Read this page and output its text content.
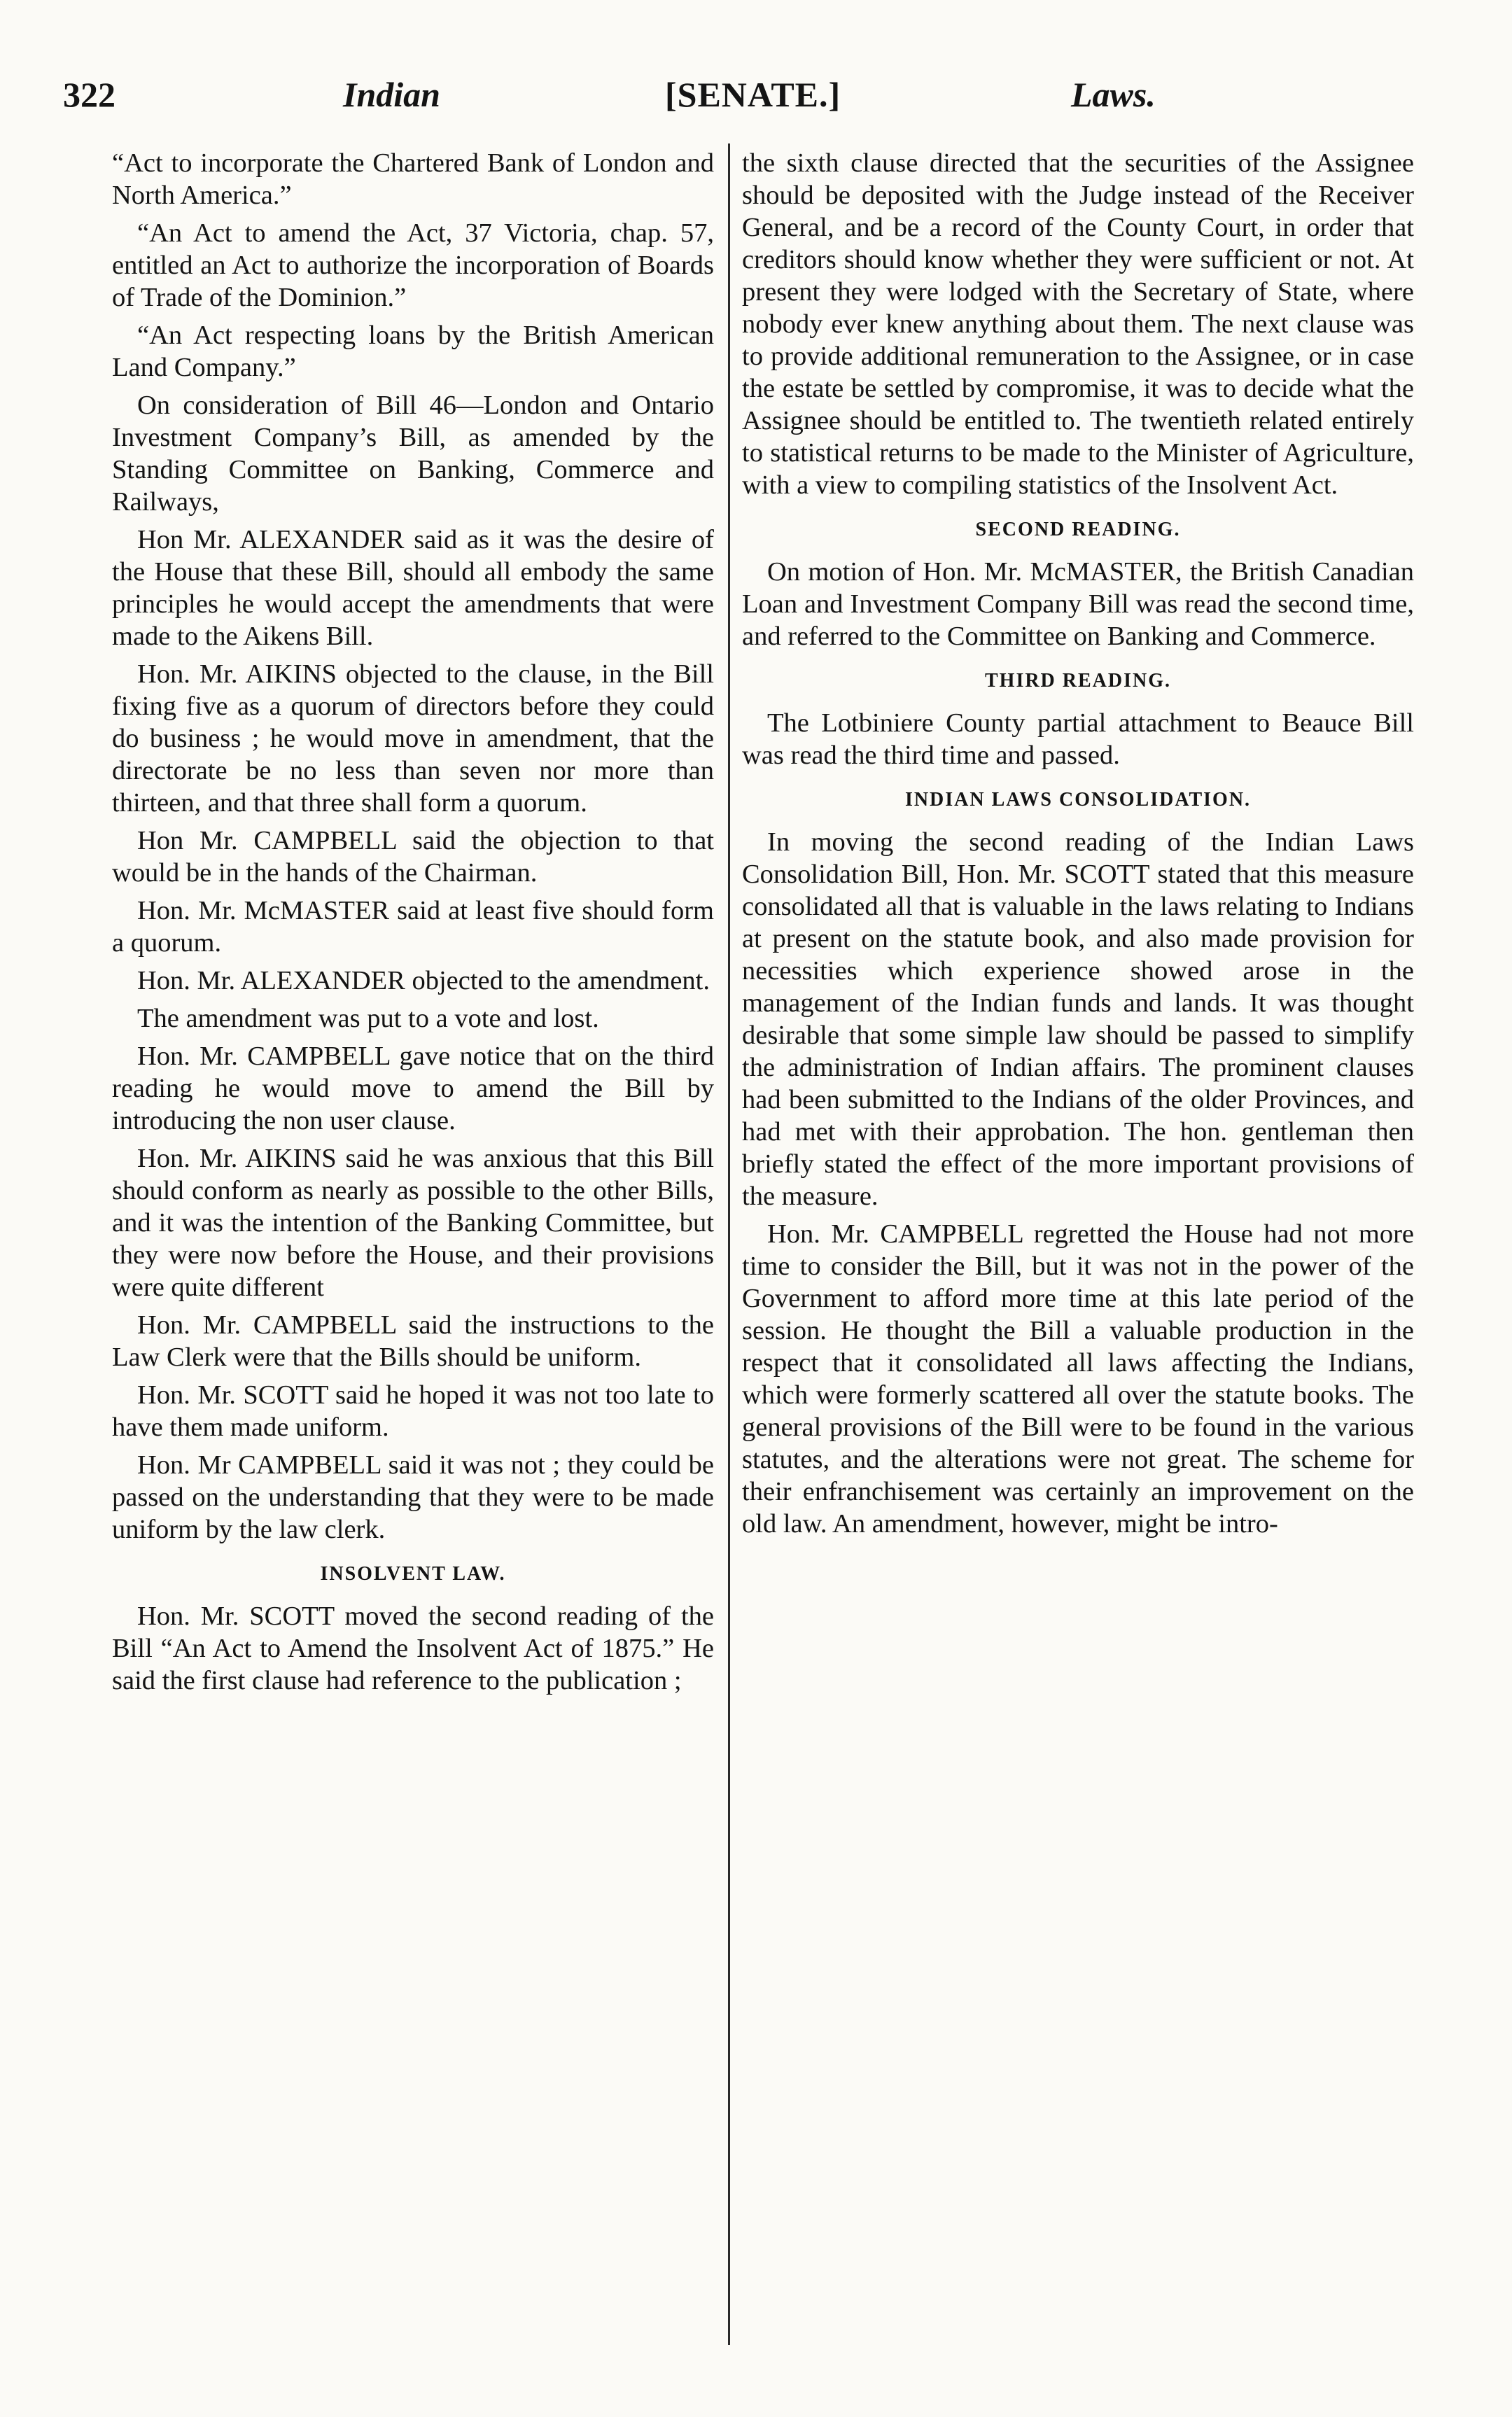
322	Indian	[SENATE.]	Laws.

“Act to incorporate the Chartered Bank of London and North America.”

“An Act to amend the Act, 37 Victoria, chap. 57, entitled an Act to authorize the incorporation of Boards of Trade of the Dominion.”

“An Act respecting loans by the British American Land Company.”

On consideration of Bill 46—London and Ontario Investment Company’s Bill, as amended by the Standing Committee on Banking, Commerce and Railways,

Hon Mr. ALEXANDER said as it was the desire of the House that these Bill, should all embody the same principles he would accept the amendments that were made to the Aikens Bill.

Hon. Mr. AIKINS objected to the clause, in the Bill fixing five as a quorum of directors before they could do business ; he would move in amendment, that the directorate be no less than seven nor more than thirteen, and that three shall form a quorum.

Hon Mr. CAMPBELL said the objection to that would be in the hands of the Chairman.

Hon. Mr. McMASTER said at least five should form a quorum.

Hon. Mr. ALEXANDER objected to the amendment.

The amendment was put to a vote and lost.

Hon. Mr. CAMPBELL gave notice that on the third reading he would move to amend the Bill by introducing the non user clause.

Hon. Mr. AIKINS said he was anxious that this Bill should conform as nearly as possible to the other Bills, and it was the intention of the Banking Committee, but they were now before the House, and their provisions were quite different

Hon. Mr. CAMPBELL said the instructions to the Law Clerk were that the Bills should be uniform.

Hon. Mr. SCOTT said he hoped it was not too late to have them made uniform.

Hon. Mr CAMPBELL said it was not ; they could be passed on the understanding that they were to be made uniform by the law clerk.

INSOLVENT LAW.

Hon. Mr. SCOTT moved the second reading of the Bill “An Act to Amend the Insolvent Act of 1875.” He said the first clause had reference to the publication ;

the sixth clause directed that the securities of the Assignee should be deposited with the Judge instead of the Receiver General, and be a record of the County Court, in order that creditors should know whether they were sufficient or not. At present they were lodged with the Secretary of State, where nobody ever knew anything about them. The next clause was to provide additional remuneration to the Assignee, or in case the estate be settled by compromise, it was to decide what the Assignee should be entitled to. The twentieth related entirely to statistical returns to be made to the Minister of Agriculture, with a view to compiling statistics of the Insolvent Act.

SECOND READING.

On motion of Hon. Mr. McMASTER, the British Canadian Loan and Investment Company Bill was read the second time, and referred to the Committee on Banking and Commerce.

THIRD READING.

The Lotbiniere County partial attachment to Beauce Bill was read the third time and passed.

INDIAN LAWS CONSOLIDATION.

In moving the second reading of the Indian Laws Consolidation Bill, Hon. Mr. SCOTT stated that this measure consolidated all that is valuable in the laws relating to Indians at present on the statute book, and also made provision for necessities which experience showed arose in the management of the Indian funds and lands. It was thought desirable that some simple law should be passed to simplify the administration of Indian affairs. The prominent clauses had been submitted to the Indians of the older Provinces, and had met with their approbation. The hon. gentleman then briefly stated the effect of the more important provisions of the measure.

Hon. Mr. CAMPBELL regretted the House had not more time to consider the Bill, but it was not in the power of the Government to afford more time at this late period of the session. He thought the Bill a valuable production in the respect that it consolidated all laws affecting the Indians, which were formerly scattered all over the statute books. The general provisions of the Bill were to be found in the various statutes, and the alterations were not great. The scheme for their enfranchisement was certainly an improvement on the old law. An amendment, however, might be intro-
